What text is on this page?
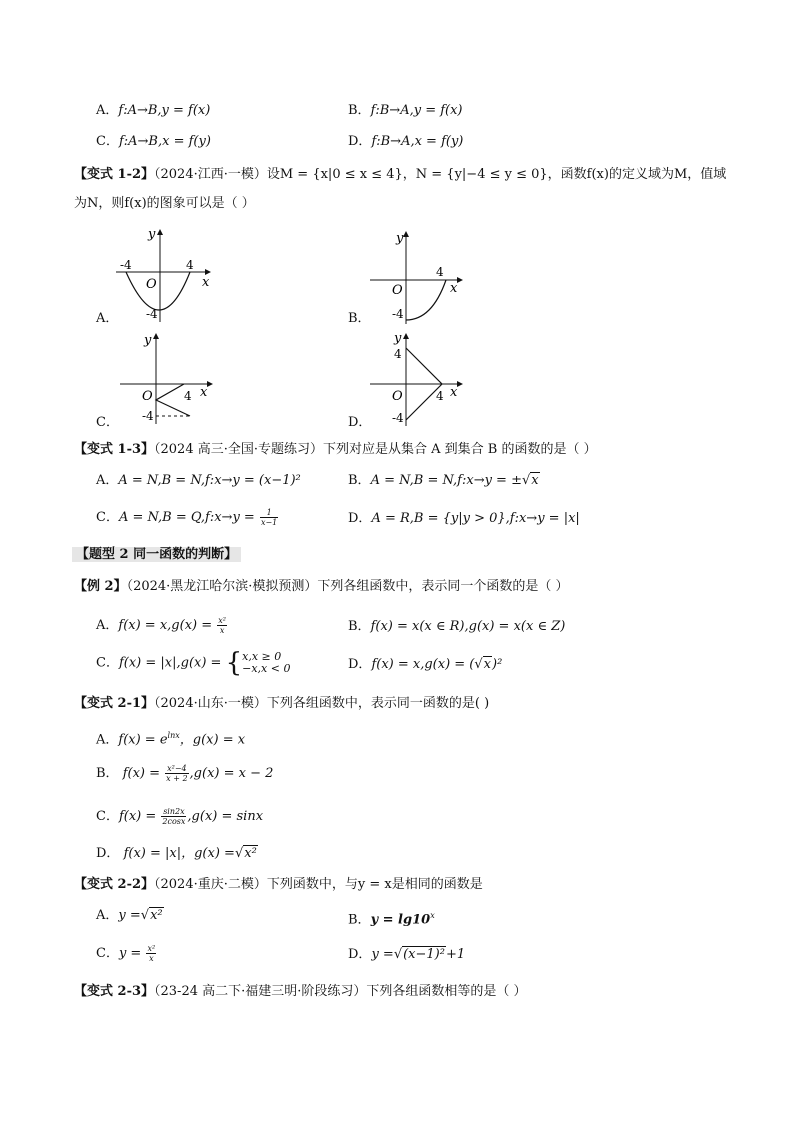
A．f:A→B,y = f(x)	B．f:B→A,y = f(x)
C．f:A→B,x = f(y)	D．f:B→A,x = f(y)
【变式 1-2】（2024·江西·一模）设M = {x|0 ≤ x ≤ 4}，N = {y|−4 ≤ y ≤ 0}，函数f(x)的定义域为M，值域
为N，则f(x)的图象可以是（ ）
A．
y
x
O
-4	4
-4	B．
y
x
O
4
-4
C．
y
x
O	4
-4	D．
y
x
O
4
4
-4
【变式 1-3】（2024 高三·全国·专题练习）下列对应是从集合 A 到集合 B 的函数的是（ ）
A．A = N,B = N,f:x→y = (x−1)²	B．A = N,B = N,f:x→y = ±√x
C．A = N,B = Q,f:x→y = $\frac{1}{x-1}$	D．A = R,B = {y|y > 0},f:x→y = |x|
【题型 2 同一函数的判断】
【例 2】（2024·黑龙江哈尔滨·模拟预测）下列各组函数中，表示同一个函数的是（ ）
A．$f(x) = x,g(x) = \frac{\text{x²}}{x}$	B．f(x) = x(x ∈ R),g(x) = x(x ∈ Z)
C．f(x) = |x|,g(x) = { x,x ≥ 0
−x,x < 0	D．f(x) = x,g(x) = (√x)²
【变式 2-1】（2024·山东·一模）下列各组函数中，表示同一函数的是( )
A．$f(x) = e^{lnx}$，g(x) = x
B． $f(x) = \frac{\text{x²−4}}{x + 2} ,g(x) = x - 2$
C．$f(x) = \frac{\sin 2x}{2\cos x} ,g(x) = \sin x$
D． f(x) = |x|，g(x) =√x²
【变式 2-2】（2024·重庆·二模）下列函数中，与y = x是相同的函数是
A．y =√x²	B．$y = \lg 10^x$
C．$y = \frac{\text{x²}}{x}$	D．y =√(x−1)²+1
【变式 2-3】（23-24 高二下·福建三明·阶段练习）下列各组函数相等的是（ ）
